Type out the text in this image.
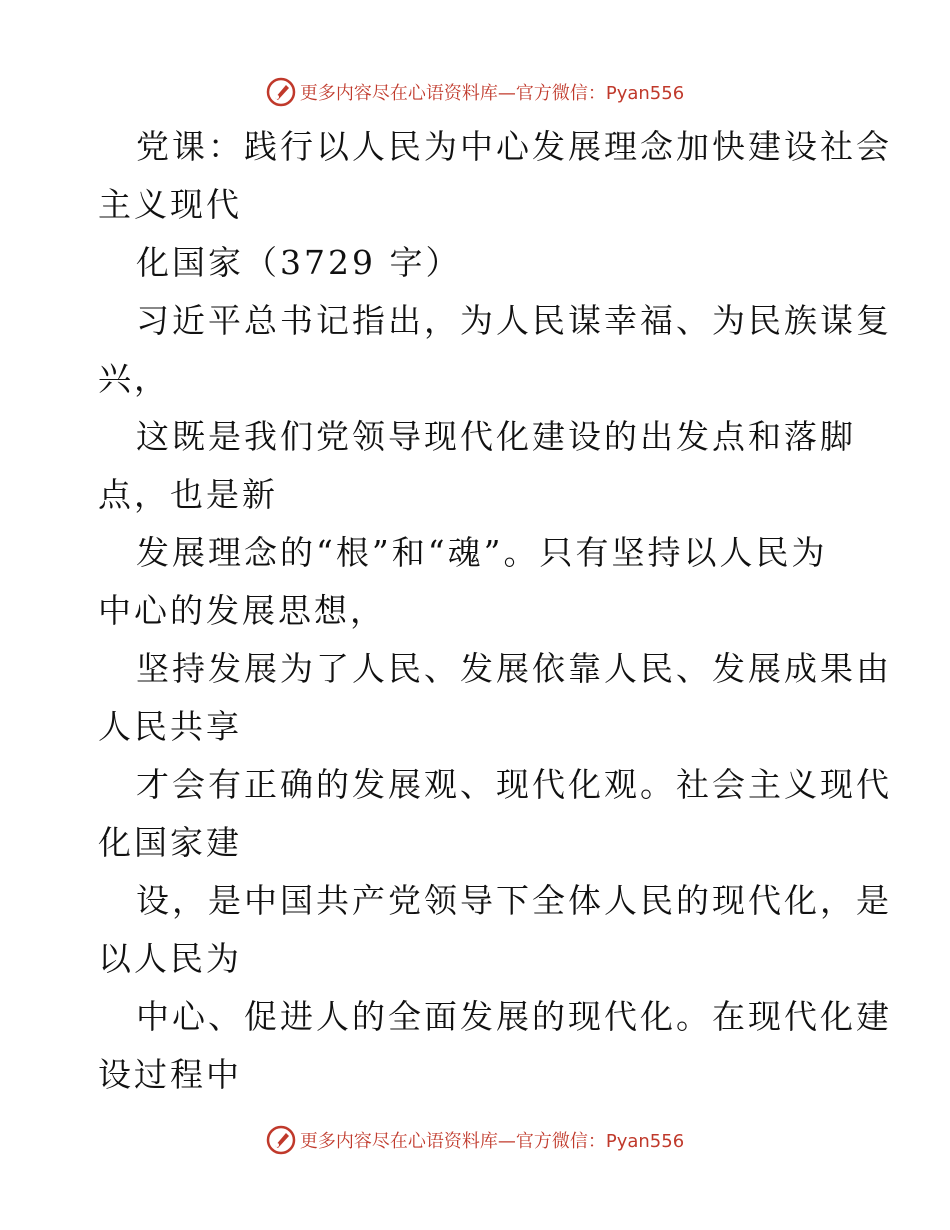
更多内容尽在心语资料库—官方微信：Pyan556
党课：践行以人民为中心发展理念加快建设社会
主义现代
化国家（3729 字）
习近平总书记指出，为人民谋幸福、为民族谋复
兴，
这既是我们党领导现代化建设的出发点和落脚
点，也是新
发展理念的“根”和“魂”。只有坚持以人民为
中心的发展思想，
坚持发展为了人民、发展依靠人民、发展成果由
人民共享
才会有正确的发展观、现代化观。社会主义现代
化国家建
设，是中国共产党领导下全体人民的现代化，是
以人民为
中心、促进人的全面发展的现代化。在现代化建
设过程中
更多内容尽在心语资料库—官方微信：Pyan556
